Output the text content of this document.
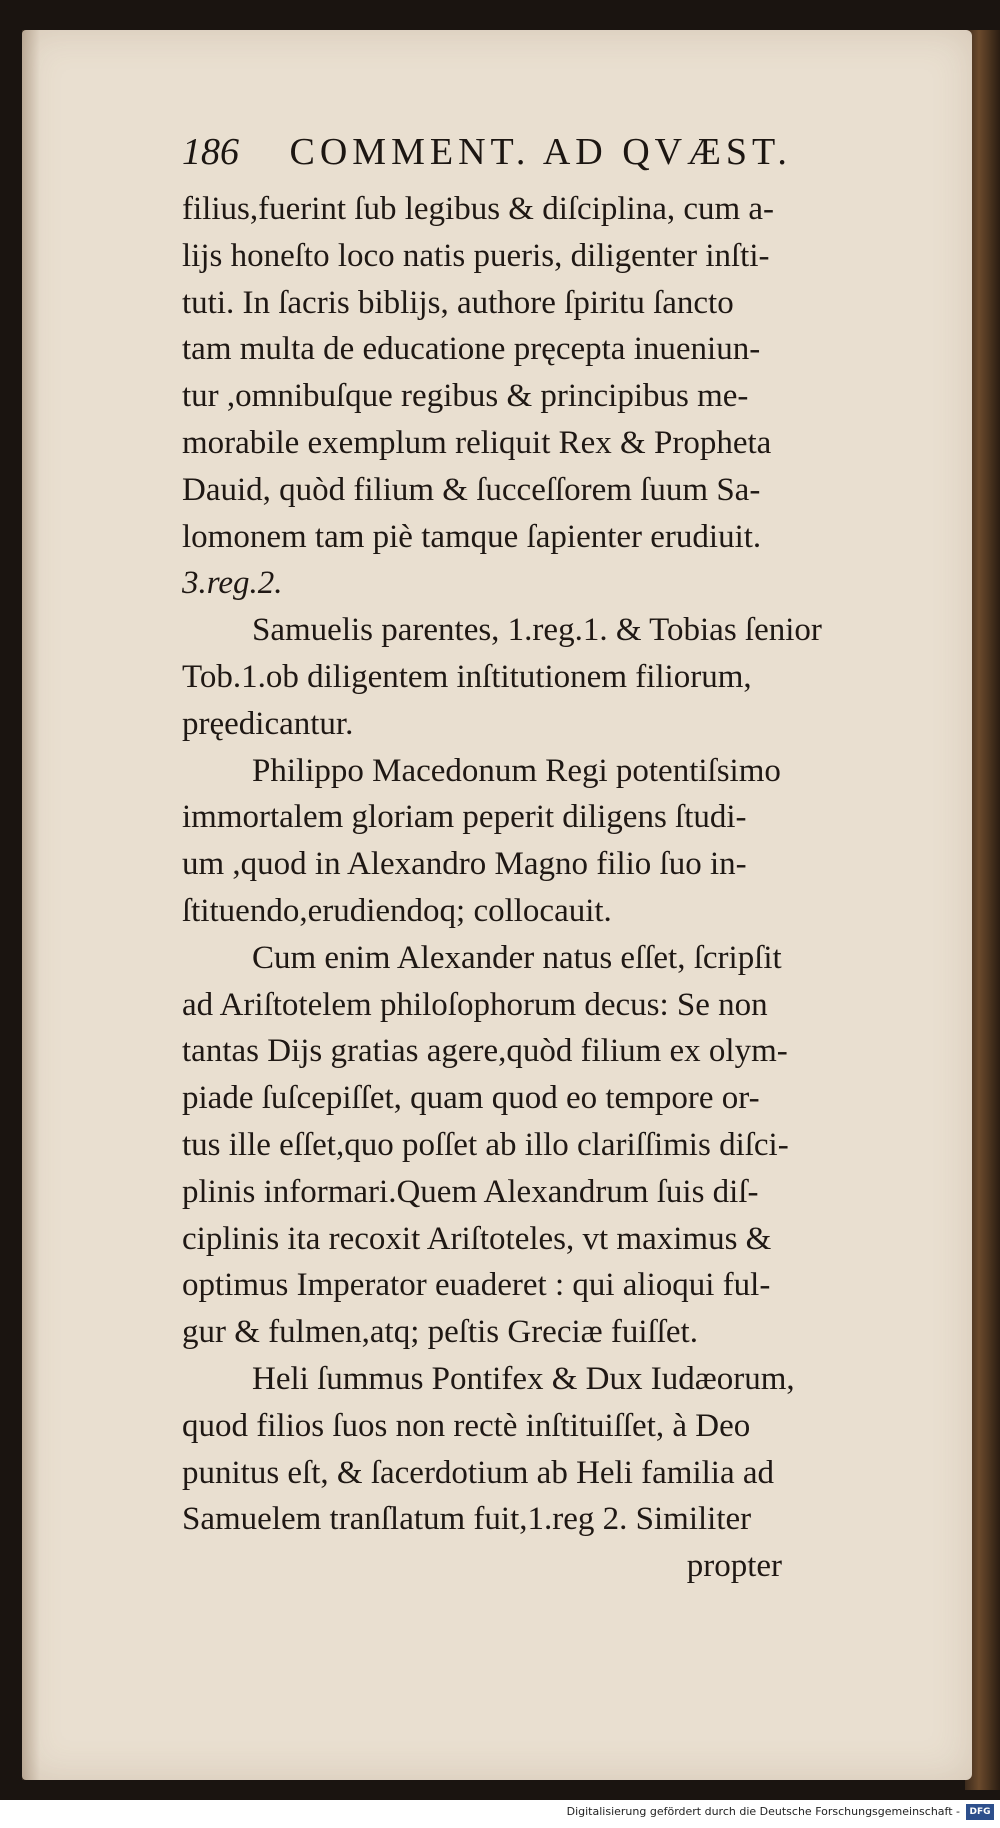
186 COMMENT. AD QVÆST.
filius,fuerint ſub legibus & diſciplina, cum a-
lijs honeſto loco natis pueris, diligenter inſti-
tuti. In ſacris biblijs, authore ſpiritu ſancto
tam multa de educatione pręcepta inueniun-
tur ,omnibuſque regibus & principibus me-
morabile exemplum reliquit Rex & Propheta
Dauid, quòd filium & ſucceſſorem ſuum Sa-
lomonem tam piè tamque ſapienter erudiuit.
3.reg.2.
Samuelis parentes, 1.reg.1. & Tobias ſenior
Tob.1.ob diligentem inſtitutionem filiorum,
pręedicantur.
Philippo Macedonum Regi potentiſsimo
immortalem gloriam peperit diligens ſtudi-
um ,quod in Alexandro Magno filio ſuo in-
ſtituendo,erudiendoq; collocauit.
Cum enim Alexander natus eſſet, ſcripſit
ad Ariſtotelem philoſophorum decus: Se non
tantas Dijs gratias agere,quòd filium ex olym-
piade ſuſcepiſſet, quam quod eo tempore or-
tus ille eſſet,quo poſſet ab illo clariſſimis diſci-
plinis informari.Quem Alexandrum ſuis diſ-
ciplinis ita recoxit Ariſtoteles, vt maximus &
optimus Imperator euaderet : qui alioqui ful-
gur & fulmen,atq; peſtis Greciæ fuiſſet.
Heli ſummus Pontifex & Dux Iudæorum,
quod filios ſuos non rectè inſtituiſſet, à Deo
punitus eſt, & ſacerdotium ab Heli familia ad
Samuelem tranſlatum fuit,1.reg 2. Similiter
propter
Digitalisierung gefördert durch die Deutsche Forschungsgemeinschaft -	DFG
